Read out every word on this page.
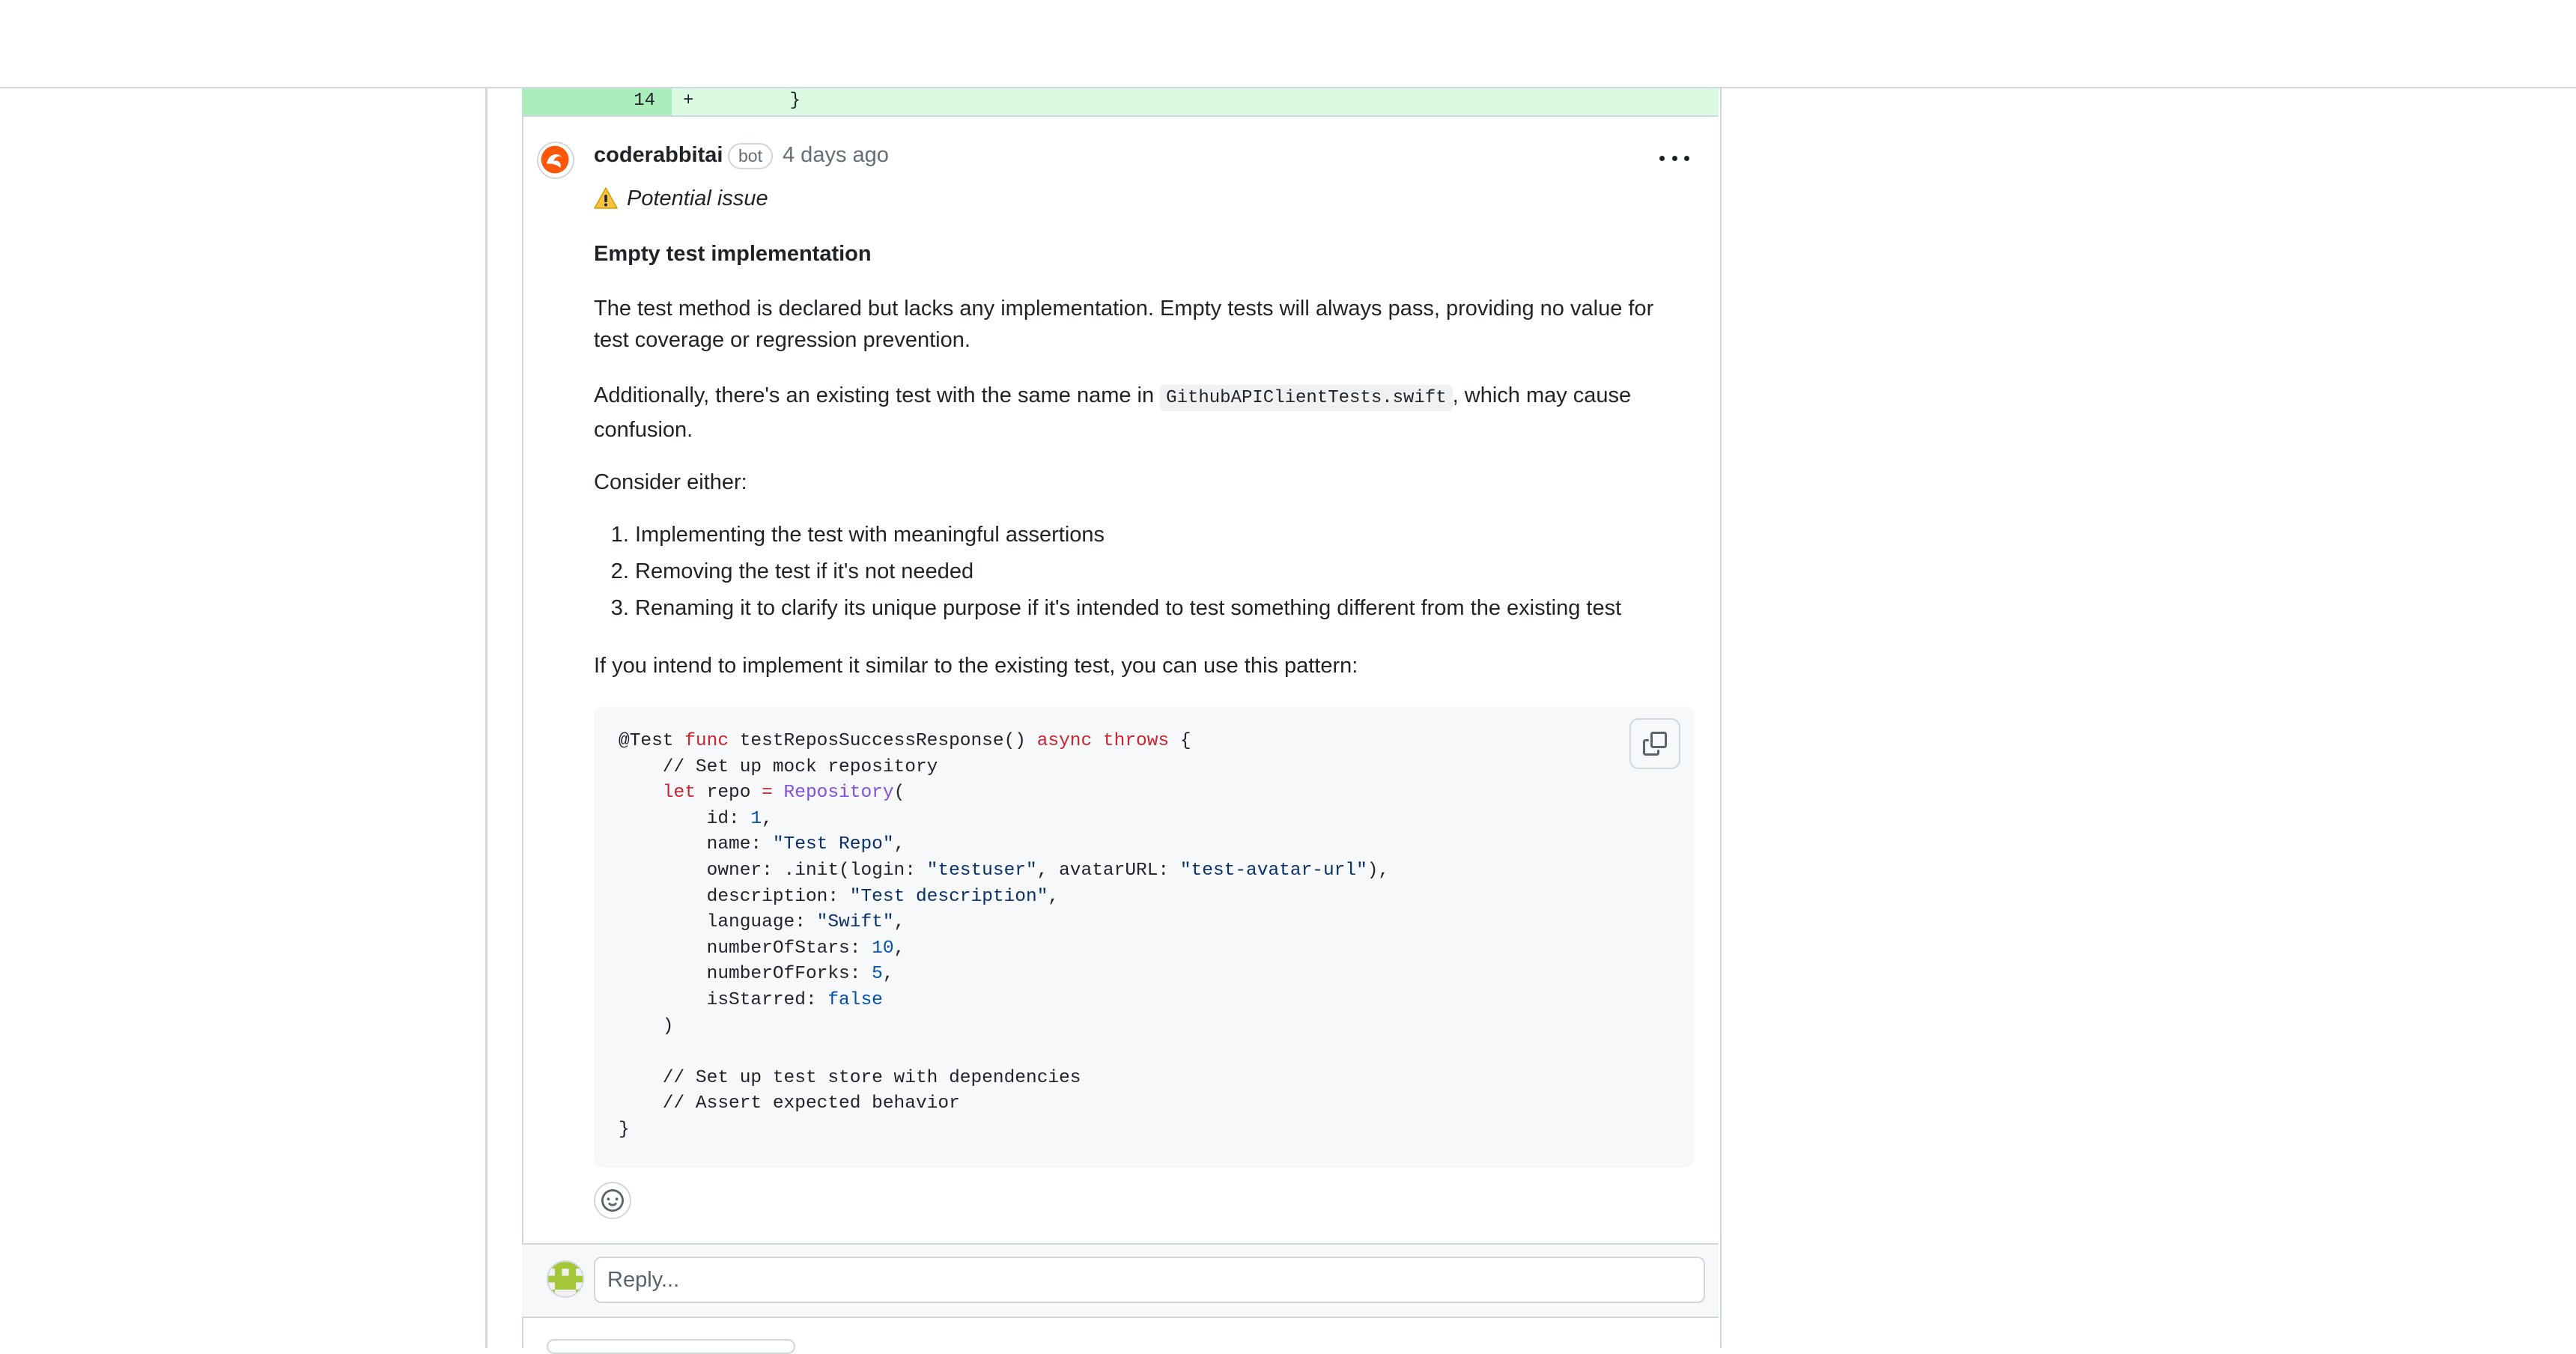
14	+	}
coderabbitai bot 4 days ago
Potential issue
Empty test implementation
The test method is declared but lacks any implementation. Empty tests will always pass, providing no value for test coverage or regression prevention.
Additionally, there's an existing test with the same name in GithubAPIClientTests.swift , which may cause confusion.
Consider either:
1. Implementing the test with meaningful assertions
2. Removing the test if it's not needed
3. Renaming it to clarify its unique purpose if it's intended to test something different from the existing test
If you intend to implement it similar to the existing test, you can use this pattern:
@Test func testReposSuccessResponse() async throws {
// Set up mock repository
let repo = Repository(
id: 1,
name: "Test Repo",
owner: .init(login: "testuser", avatarURL: "test-avatar-url"),
description: "Test description",
language: "Swift",
numberOfStars: 10,
numberOfForks: 5,
isStarred: false
)

// Set up test store with dependencies
// Assert expected behavior
}
Reply...
